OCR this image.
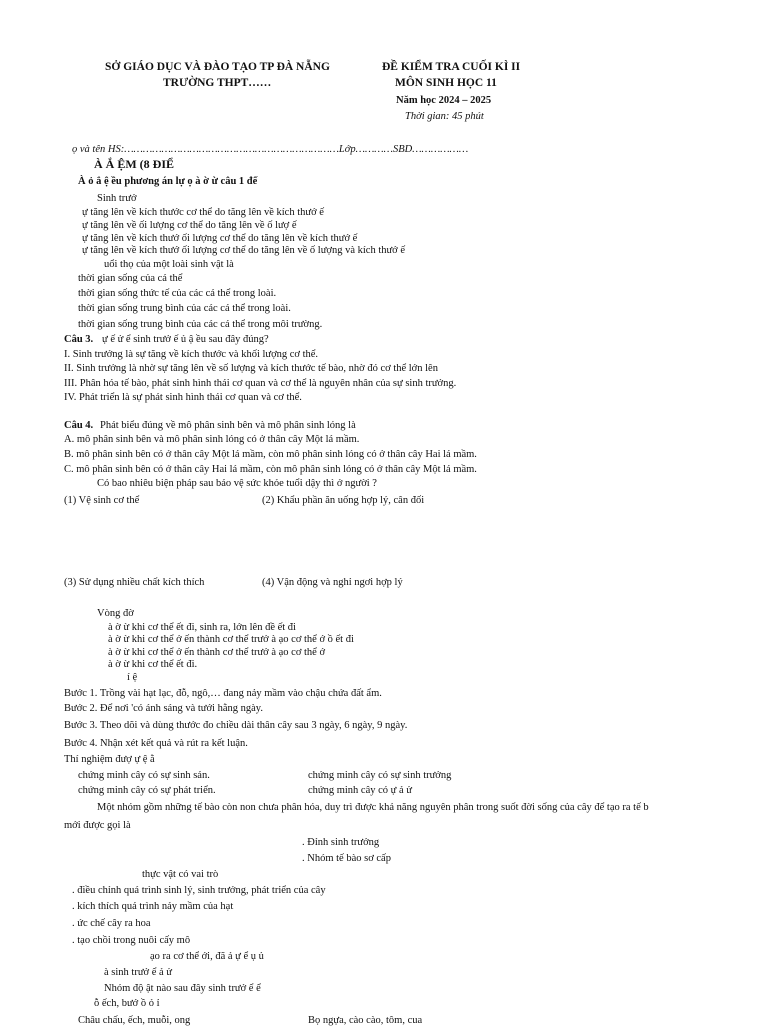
SỞ GIÁO DỤC VÀ ĐÀO TẠO TP ĐÀ NẴNG
TRƯỜNG THPT……
ĐỀ KIỂM TRA CUỐI KÌ II
MÔN SINH HỌC 11
Năm học 2024 – 2025
Thời gian: 45 phút
ọ và tên HS:……………………………………………………………Lớp…………SBD………………
À Ắ ỆM (8 ĐIỂ
À ỏ ắ ệ ều phương án lự ọ à ờ ừ câu 1 đế
Sinh trưở
ự tăng lên về kích thước cơ thể do tăng lên về kích thướ ế
ự tăng lên về ối lượng cơ thể do tăng lên về ố lượ ế
ự tăng lên về kích thướ ối lượng cơ thể do tăng lên về kích thướ ế
ự tăng lên về kích thướ ối lượng cơ thể do tăng lên về ố lượng và kích thướ ế
uổi thọ của một loài sinh vật là
thời gian sống của cá thể
thời gian sống thức tế của các cá thể trong loài.
thời gian sống trung bình của các cá thể trong loài.
thời gian sống trung bình của các cá thể trong môi trường.
Câu 3. ự ế ử ể sinh trưở ế ủ ậ ều sau đây đúng?
I. Sinh trưởng là sự tăng về kích thước và khối lượng cơ thể.
II. Sinh trưởng là nhờ sự tăng lên về số lượng và kích thước tế bào, nhờ đó cơ thể lớn lên
III. Phân hóa tế bào, phát sinh hình thái cơ quan và cơ thể là nguyên nhân của sự sinh trưởng.
IV. Phát triển là sự phát sinh hình thái cơ quan và cơ thể.
Câu 4. Phát biểu đúng về mô phân sinh bên và mô phân sinh lóng là
A. mô phân sinh bên và mô phân sinh lóng có ở thân cây Một lá mầm.
B. mô phân sinh bên có ở thân cây Một lá mầm, còn mô phân sinh lóng có ở thân cây Hai lá mầm.
C. mô phân sinh bên có ở thân cây Hai lá mầm, còn mô phân sinh lóng có ở thân cây Một lá mầm.
Có bao nhiêu biện pháp sau bảo vệ sức khỏe tuổi dậy thì ở người ?
(1) Vệ sinh cơ thể	(2) Khẩu phần ăn uống hợp lý, cân đối
(3) Sử dụng nhiều chất kích thích	(4) Vận động và nghỉ ngơi hợp lý
Vòng đờ
à ờ ừ khi cơ thể ết đi, sinh ra, lớn lên đề ết đi
à ờ ừ khi cơ thể ở ến thành cơ thể trưở à ạo cơ thể ớ ồ ết đi
à ờ ừ khi cơ thể ở ến thành cơ thể trưở à ạo cơ thể ớ
à ờ ừ khi cơ thể ết đi.
í ệ
Bước 1. Trồng vài hạt lạc, đỗ, ngô,… đang nảy mầm vào chậu chứa đất ẩm.
Bước 2. Để nơi 'có ánh sáng và tưới hằng ngày.
Bước 3. Theo dõi và dùng thước đo chiều dài thân cây sau 3 ngày, 6 ngày, 9 ngày.
Bước 4. Nhận xét kết quả và rút ra kết luận.
Thí nghiệm đượ ự ệ ằ
chứng minh cây có sự sinh sản.	chứng minh cây có sự sinh trưởng
chứng minh cây có sự phát triển.	chứng minh cây có ự ả ử
Một nhóm gồm những tế bào còn non chưa phân hóa, duy trì được khả năng nguyên phân trong suốt đời sống của cây để tạo ra tế b
mới được gọi là
. Đỉnh sinh trưởng
. Nhóm tế bào sơ cấp
thực vật có vai trò
. điều chỉnh quá trình sinh lý, sinh trưởng, phát triển của cây
. kích thích quá trình nảy mầm của hạt
. ức chế cây ra hoa
. tạo chồi trong nuôi cấy mô
ạo ra cơ thể ới, đã ả ự ể ụ ủ
à sinh trưở ể ả ử
Nhóm độ ật nào sau đây sinh trưở ể ể
ỗ ếch, bướ ồ ỏ ỉ
Châu chấu, ếch, muỗi, ong	Bọ ngựa, cào cào, tôm, cua
